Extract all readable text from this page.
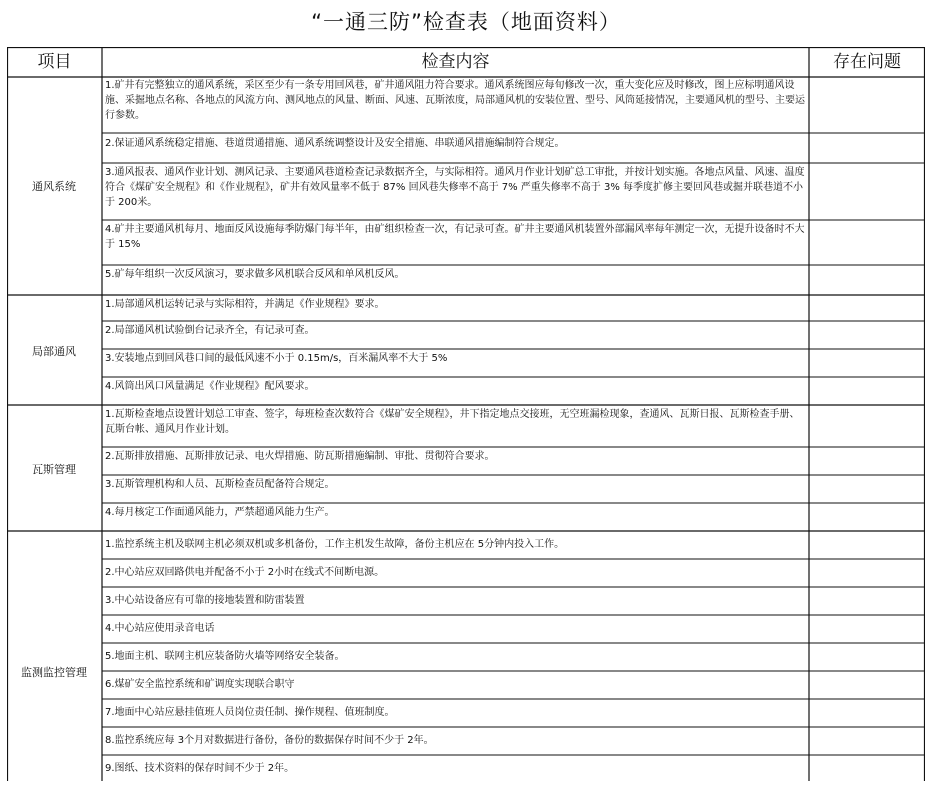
“一通三防”检查表（地面资料）
项目	检查内容	存在问题
通风系统
1.矿井有完整独立的通风系统，采区至少有一条专用回风巷，矿井通风阻力符合要求。通风系统图应每旬修改一次，重大变化应及时修改，图上应标明通风设施、采掘地点名称、各地点的风流方向、测风地点的风量、断面、风速、瓦斯浓度，局部通风机的安装位置、型号、风筒延接情况，主要通风机的型号、主要运行参数。
2.保证通风系统稳定措施、巷道贯通措施、通风系统调整设计及安全措施、串联通风措施编制符合规定。
3.通风报表、通风作业计划、测风记录、主要通风巷道检查记录数据齐全，与实际相符。通风月作业计划矿总工审批，并按计划实施。各地点风量、风速、温度符合《煤矿安全规程》和《作业规程》，矿井有效风量率不低于 87% 回风巷失修率不高于 7% 严重失修率不高于 3% 每季度扩修主要回风巷或掘并联巷道不小于 200米。
4.矿井主要通风机每月、地面反风设施每季防爆门每半年，由矿组织检查一次，有记录可查。矿井主要通风机装置外部漏风率每年测定一次，无提升设备时不大于 15%
5.矿每年组织一次反风演习，要求做多风机联合反风和单风机反风。
局部通风
1.局部通风机运转记录与实际相符，并满足《作业规程》要求。
2.局部通风机试验倒台记录齐全，有记录可查。
3.安装地点到回风巷口间的最低风速不小于 0.15m/s，百米漏风率不大于 5%
4.风筒出风口风量满足《作业规程》配风要求。
瓦斯管理
1.瓦斯检查地点设置计划总工审查、签字，每班检查次数符合《煤矿安全规程》，井下指定地点交接班，无空班漏检现象，查通风、瓦斯日报、瓦斯检查手册、瓦斯台帐、通风月作业计划。
2.瓦斯排放措施、瓦斯排放记录、电火焊措施、防瓦斯措施编制、审批、贯彻符合要求。
3.瓦斯管理机构和人员、瓦斯检查员配备符合规定。
4.每月核定工作面通风能力，严禁超通风能力生产。
监测监控管理
1.监控系统主机及联网主机必须双机或多机备份，工作主机发生故障，备份主机应在 5分钟内投入工作。
2.中心站应双回路供电并配备不小于 2小时在线式不间断电源。
3.中心站设备应有可靠的接地装置和防雷装置
4.中心站应使用录音电话
5.地面主机、联网主机应装备防火墙等网络安全装备。
6.煤矿安全监控系统和矿调度实现联合职守
7.地面中心站应悬挂值班人员岗位责任制、操作规程、值班制度。
8.监控系统应每 3个月对数据进行备份，备份的数据保存时间不少于 2年。
9.图纸、技术资料的保存时间不少于 2年。
